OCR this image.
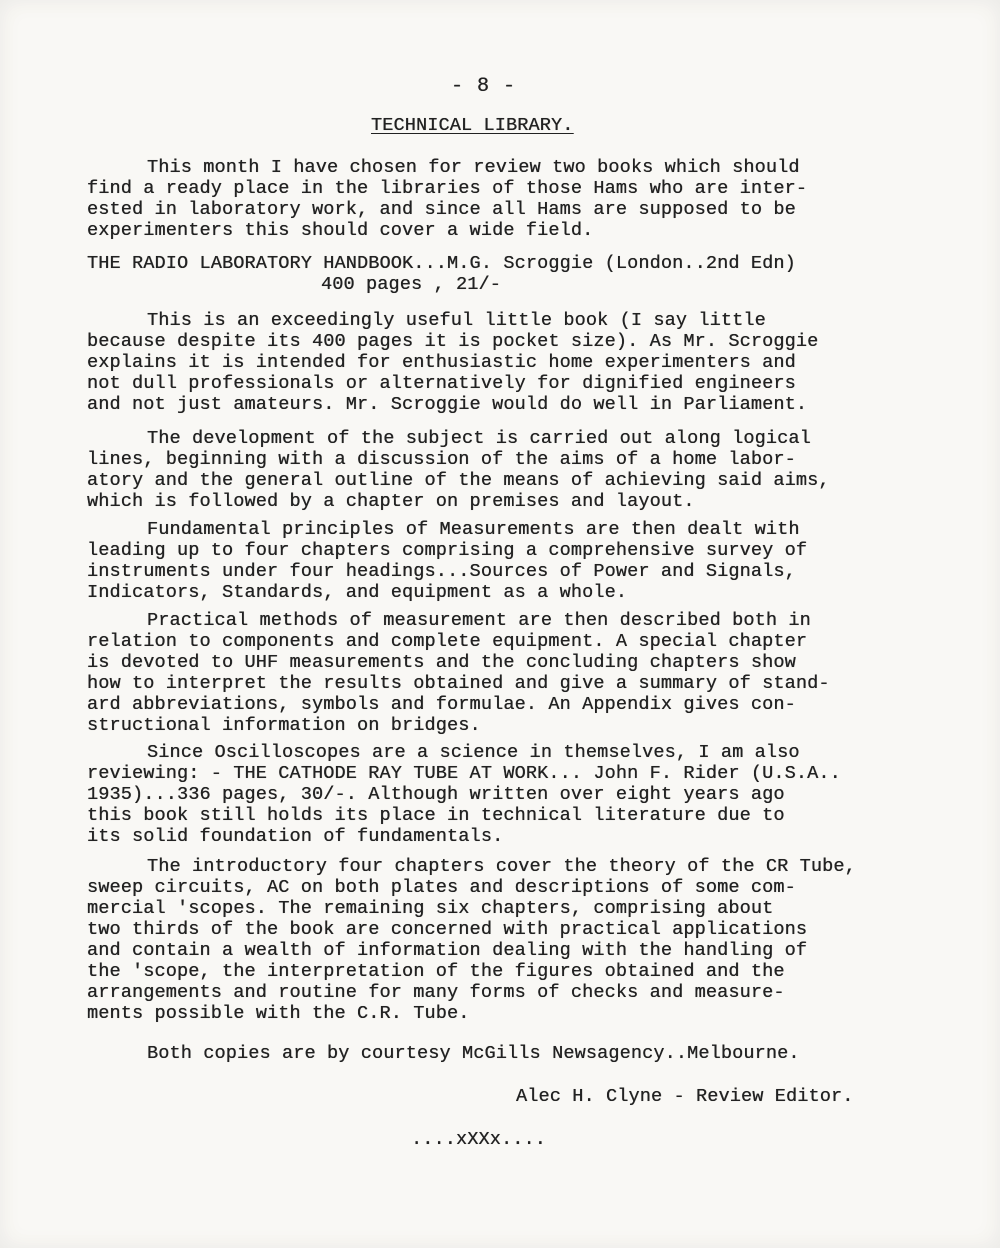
- 8 -
TECHNICAL LIBRARY.
This month I have chosen for review two books which should
find a ready place in the libraries of those Hams who are inter-
ested in laboratory work, and since all Hams are supposed to be
experimenters this should cover a wide field.
THE RADIO LABORATORY HANDBOOK...M.G. Scroggie (London..2nd Edn)
400 pages , 21/-
This is an exceedingly useful little book (I say little
because despite its 400 pages it is pocket size). As Mr. Scroggie
explains it is intended for enthusiastic home experimenters and
not dull professionals or alternatively for dignified engineers
and not just amateurs. Mr. Scroggie would do well in Parliament.
The development of the subject is carried out along logical
lines, beginning with a discussion of the aims of a home labor-
atory and the general outline of the means of achieving said aims,
which is followed by a chapter on premises and layout.
Fundamental principles of Measurements are then dealt with
leading up to four chapters comprising a comprehensive survey of
instruments under four headings...Sources of Power and Signals,
Indicators, Standards, and equipment as a whole.
Practical methods of measurement are then described both in
relation to components and complete equipment. A special chapter
is devoted to UHF measurements and the concluding chapters show
how to interpret the results obtained and give a summary of stand-
ard abbreviations, symbols and formulae. An Appendix gives con-
structional information on bridges.
Since Oscilloscopes are a science in themselves, I am also
reviewing: - THE CATHODE RAY TUBE AT WORK... John F. Rider (U.S.A..
1935)...336 pages, 30/-. Although written over eight years ago
this book still holds its place in technical literature due to
its solid foundation of fundamentals.
The introductory four chapters cover the theory of the CR Tube,
sweep circuits, AC on both plates and descriptions of some com-
mercial 'scopes. The remaining six chapters, comprising about
two thirds of the book are concerned with practical applications
and contain a wealth of information dealing with the handling of
the 'scope, the interpretation of the figures obtained and the
arrangements and routine for many forms of checks and measure-
ments possible with the C.R. Tube.
Both copies are by courtesy McGills Newsagency..Melbourne.
Alec H. Clyne - Review Editor.
....xXXx....
